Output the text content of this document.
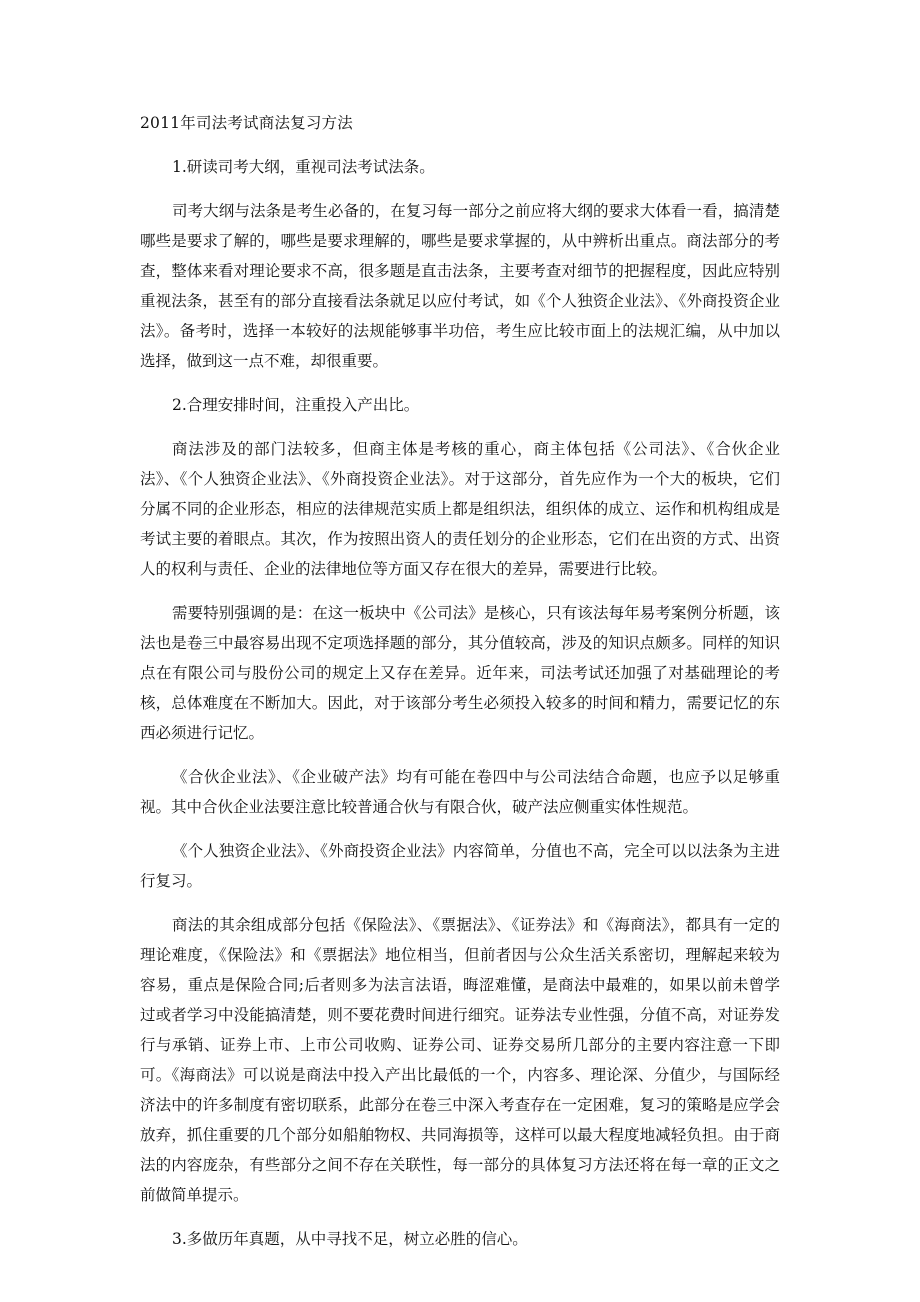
2011年司法考试商法复习方法
1.研读司考大纲，重视司法考试法条。
司考大纲与法条是考生必备的，在复习每一部分之前应将大纲的要求大体看一看，搞清楚哪些是要求了解的，哪些是要求理解的，哪些是要求掌握的，从中辨析出重点。商法部分的考查，整体来看对理论要求不高，很多题是直击法条，主要考查对细节的把握程度，因此应特别重视法条，甚至有的部分直接看法条就足以应付考试，如《个人独资企业法》、《外商投资企业法》。备考时，选择一本较好的法规能够事半功倍，考生应比较市面上的法规汇编，从中加以选择，做到这一点不难，却很重要。
2.合理安排时间，注重投入产出比。
商法涉及的部门法较多，但商主体是考核的重心，商主体包括《公司法》、《合伙企业法》、《个人独资企业法》、《外商投资企业法》。对于这部分，首先应作为一个大的板块，它们分属不同的企业形态，相应的法律规范实质上都是组织法，组织体的成立、运作和机构组成是考试主要的着眼点。其次，作为按照出资人的责任划分的企业形态，它们在出资的方式、出资人的权利与责任、企业的法律地位等方面又存在很大的差异，需要进行比较。
需要特别强调的是：在这一板块中《公司法》是核心，只有该法每年易考案例分析题，该法也是卷三中最容易出现不定项选择题的部分，其分值较高，涉及的知识点颇多。同样的知识点在有限公司与股份公司的规定上又存在差异。近年来，司法考试还加强了对基础理论的考核，总体难度在不断加大。因此，对于该部分考生必须投入较多的时间和精力，需要记忆的东西必须进行记忆。
《合伙企业法》、《企业破产法》均有可能在卷四中与公司法结合命题，也应予以足够重视。其中合伙企业法要注意比较普通合伙与有限合伙，破产法应侧重实体性规范。
《个人独资企业法》、《外商投资企业法》内容简单，分值也不高，完全可以以法条为主进行复习。
商法的其余组成部分包括《保险法》、《票据法》、《证券法》和《海商法》，都具有一定的理论难度，《保险法》和《票据法》地位相当，但前者因与公众生活关系密切，理解起来较为容易，重点是保险合同;后者则多为法言法语，晦涩难懂，是商法中最难的，如果以前未曾学过或者学习中没能搞清楚，则不要花费时间进行细究。证券法专业性强，分值不高，对证券发行与承销、证券上市、上市公司收购、证券公司、证券交易所几部分的主要内容注意一下即可。《海商法》可以说是商法中投入产出比最低的一个，内容多、理论深、分值少，与国际经济法中的许多制度有密切联系，此部分在卷三中深入考查存在一定困难，复习的策略是应学会放弃，抓住重要的几个部分如船舶物权、共同海损等，这样可以最大程度地减轻负担。由于商法的内容庞杂，有些部分之间不存在关联性，每一部分的具体复习方法还将在每一章的正文之前做简单提示。
3.多做历年真题，从中寻找不足，树立必胜的信心。
